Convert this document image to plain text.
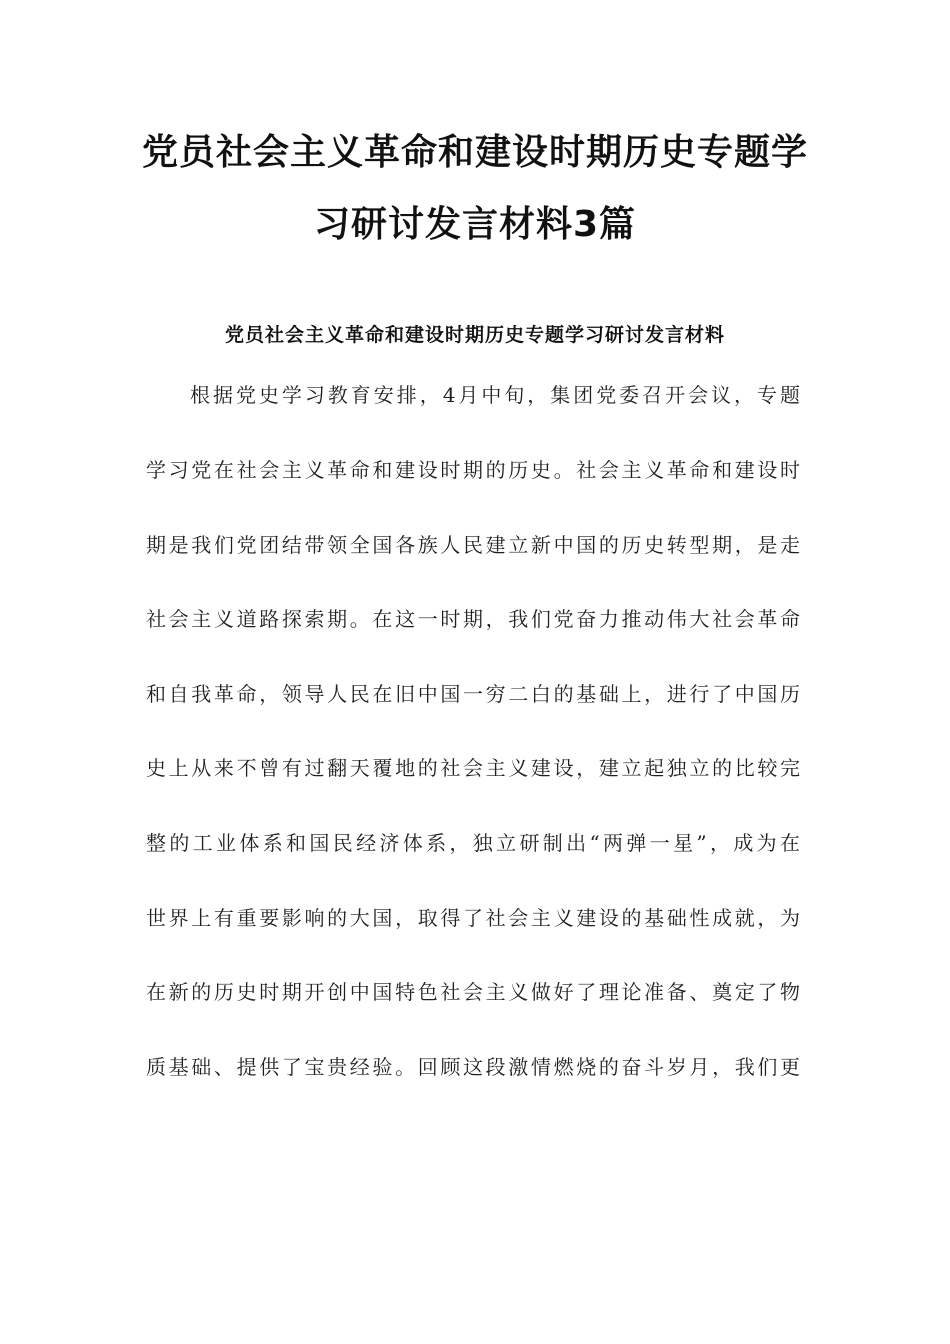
党员社会主义革命和建设时期历史专题学
习研讨发言材料3篇
党员社会主义革命和建设时期历史专题学习研讨发言材料
根据党史学习教育安排，4月中旬，集团党委召开会议，专题
学习党在社会主义革命和建设时期的历史。社会主义革命和建设时
期是我们党团结带领全国各族人民建立新中国的历史转型期，是走
社会主义道路探索期。在这一时期，我们党奋力推动伟大社会革命
和自我革命，领导人民在旧中国一穷二白的基础上，进行了中国历
史上从来不曾有过翻天覆地的社会主义建设，建立起独立的比较完
整的工业体系和国民经济体系，独立研制出“两弹一星”，成为在
世界上有重要影响的大国，取得了社会主义建设的基础性成就，为
在新的历史时期开创中国特色社会主义做好了理论准备、奠定了物
质基础、提供了宝贵经验。回顾这段激情燃烧的奋斗岁月，我们更
